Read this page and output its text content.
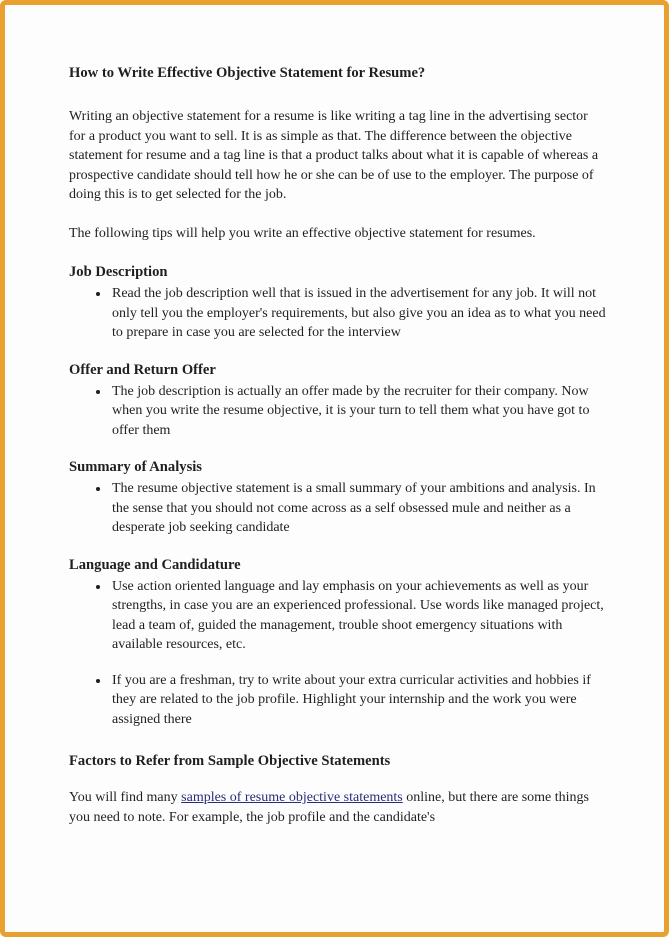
How to Write Effective Objective Statement for Resume?

Writing an objective statement for a resume is like writing a tag line in the advertising sector for a product you want to sell. It is as simple as that. The difference between the objective statement for resume and a tag line is that a product talks about what it is capable of whereas a prospective candidate should tell how he or she can be of use to the employer. The purpose of doing this is to get selected for the job.

The following tips will help you write an effective objective statement for resumes.

Job Description
• Read the job description well that is issued in the advertisement for any job. It will not only tell you the employer's requirements, but also give you an idea as to what you need to prepare in case you are selected for the interview
Offer and Return Offer
• The job description is actually an offer made by the recruiter for their company. Now when you write the resume objective, it is your turn to tell them what you have got to offer them
Summary of Analysis
• The resume objective statement is a small summary of your ambitions and analysis. In the sense that you should not come across as a self obsessed mule and neither as a desperate job seeking candidate
Language and Candidature
• Use action oriented language and lay emphasis on your achievements as well as your strengths, in case you are an experienced professional. Use words like managed project, lead a team of, guided the management, trouble shoot emergency situations with available resources, etc.
• If you are a freshman, try to write about your extra curricular activities and hobbies if they are related to the job profile. Highlight your internship and the work you were assigned there
Factors to Refer from Sample Objective Statements

You will find many samples of resume objective statements online, but there are some things you need to note. For example, the job profile and the candidate's
